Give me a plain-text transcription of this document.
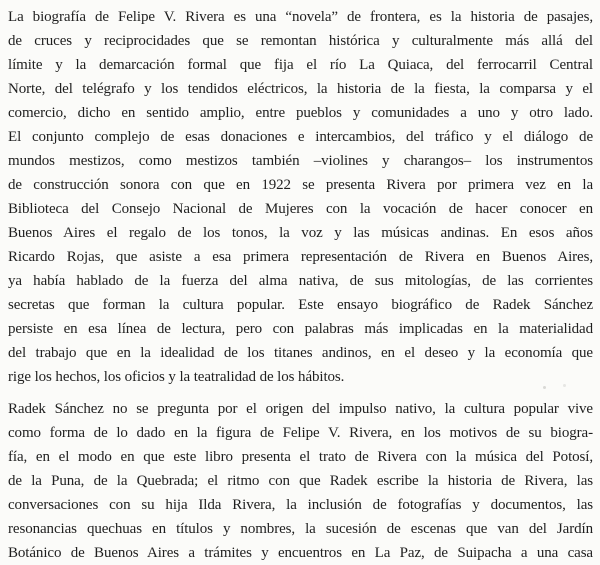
La biografía de Felipe V. Rivera es una “novela” de frontera, es la historia de pasajes,
de cruces y reciprocidades que se remontan histórica y culturalmente más allá del
límite y la demarcación formal que fija el río La Quiaca, del ferrocarril Central
Norte, del telégrafo y los tendidos eléctricos, la historia de la fiesta, la comparsa y el
comercio, dicho en sentido amplio, entre pueblos y comunidades a uno y otro lado.
El conjunto complejo de esas donaciones e intercambios, del tráfico y el diálogo de
mundos mestizos, como mestizos también –violines y charangos– los instrumentos
de construcción sonora con que en 1922 se presenta Rivera por primera vez en la
Biblioteca del Consejo Nacional de Mujeres con la vocación de hacer conocer en
Buenos Aires el regalo de los tonos, la voz y las músicas andinas. En esos años
Ricardo Rojas, que asiste a esa primera representación de Rivera en Buenos Aires,
ya había hablado de la fuerza del alma nativa, de sus mitologías, de las corrientes
secretas que forman la cultura popular. Este ensayo biográfico de Radek Sánchez
persiste en esa línea de lectura, pero con palabras más implicadas en la materialidad
del trabajo que en la idealidad de los titanes andinos, en el deseo y la economía que
rige los hechos, los oficios y la teatralidad de los hábitos.
Radek Sánchez no se pregunta por el origen del impulso nativo, la cultura popular vive
como forma de lo dado en la figura de Felipe V. Rivera, en los motivos de su biogra-
fía, en el modo en que este libro presenta el trato de Rivera con la música del Potosí,
de la Puna, de la Quebrada; el ritmo con que Radek escribe la historia de Rivera, las
conversaciones con su hija Ilda Rivera, la inclusión de fotografías y documentos, las
resonancias quechuas en títulos y nombres, la sucesión de escenas que van del Jardín
Botánico de Buenos Aires a trámites y encuentros en La Paz, de Suipacha a una casa
